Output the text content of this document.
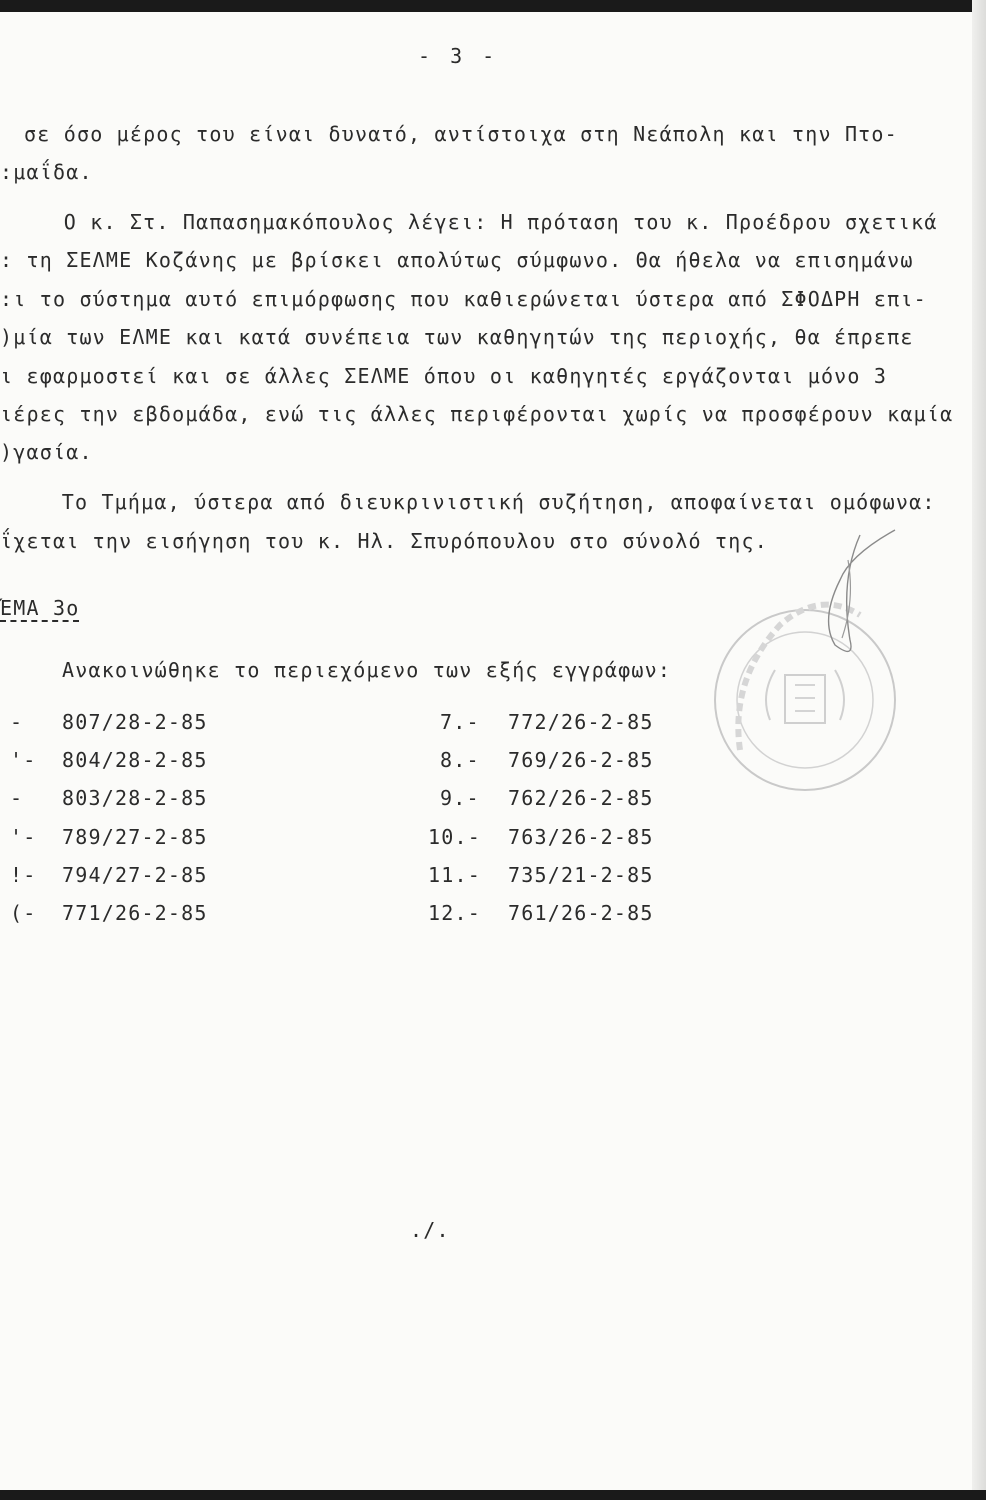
- 3 -
σε όσο μέρος του είναι δυνατό, αντίστοιχα στη Νεάπολη και την Πτο-
:μαΐδα.
Ο κ. Στ. Παπασημακόπουλος λέγει: Η πρόταση του κ. Προέδρου σχετικά
: τη ΣΕΛΜΕ Κοζάνης με βρίσκει απολύτως σύμφωνο. Θα ήθελα να επισημάνω
:ι το σύστημα αυτό επιμόρφωσης που καθιερώνεται ύστερα από ΣΦΟΔΡΗ επι-
)μία των ΕΛΜΕ και κατά συνέπεια των καθηγητών της περιοχής, θα έπρεπε
ι εφαρμοστεί και σε άλλες ΣΕΛΜΕ όπου οι καθηγητές εργάζονται μόνο 3
ιέρες την εβδομάδα, ενώ τις άλλες περιφέρονται χωρίς να προσφέρουν καμία
)γασία.
Το Τμήμα, ύστερα από διευκρινιστική συζήτηση, αποφαίνεται ομόφωνα:
ΐχεται την εισήγηση του κ. Ηλ. Σπυρόπουλου στο σύνολό της.
ΈΜΑ 3ο
Ανακοινώθηκε το περιεχόμενο των εξής εγγράφων:
- 807/28-2-85
'- 804/28-2-85
- 803/28-2-85
'- 789/27-2-85
!- 794/27-2-85
(- 771/26-2-85
7.- 772/26-2-85
8.- 769/26-2-85
9.- 762/26-2-85
10.- 763/26-2-85
11.- 735/21-2-85
12.- 761/26-2-85
./.
